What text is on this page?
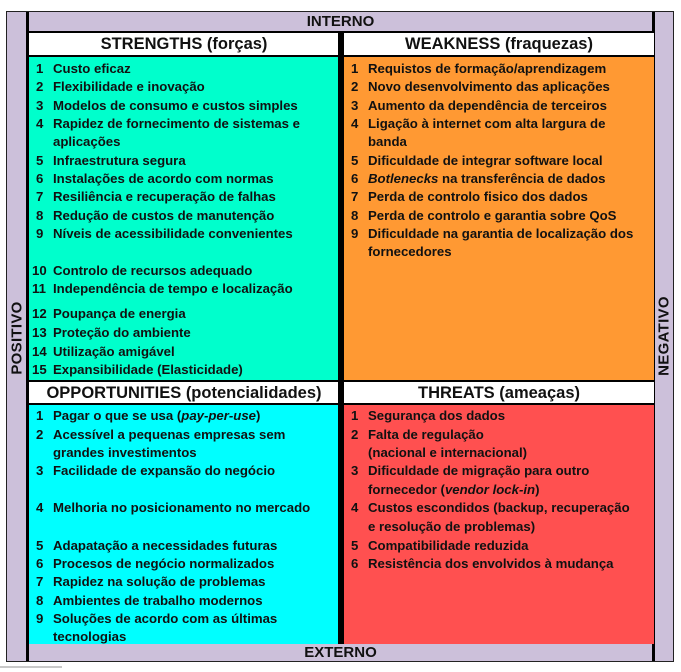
POSITIVO	NEGATIVO
INTERNO
EXTERNO
STRENGTHS (forças)
1 Custo eficaz
2 Flexibilidade e inovação
3 Modelos de consumo e custos simples
4 Rapidez de fornecimento de sistemas e
aplicações
5 Infraestrutura segura
6 Instalações de acordo com normas
7 Resiliência e recuperação de falhas
8 Redução de custos de manutenção
9 Níveis de acessibilidade convenientes
10 Controlo de recursos adequado
11 Independência de tempo e localização
12 Poupança de energia
13 Proteção do ambiente
14 Utilização amigável
15 Expansibilidade (Elasticidade)
WEAKNESS (fraquezas)
1 Requistos de formação/aprendizagem
2 Novo desenvolvimento das aplicações
3 Aumento da dependência de terceiros
4 Ligação à internet com alta largura de
banda
5 Dificuldade de integrar software local
6 Botlenecks na transferência de dados
7 Perda de controlo fisico dos dados
8 Perda de controlo e garantia sobre QoS
9 Dificuldade na garantia de localização dos
fornecedores
OPPORTUNITIES (potencialidades)
1 Pagar o que se usa (pay-per-use)
2 Acessível a pequenas empresas sem
grandes investimentos
3 Facilidade de expansão do negócio
4 Melhoria no posicionamento no mercado
5 Adapatação a necessidades futuras
6 Procesos de negócio normalizados
7 Rapidez na solução de problemas
8 Ambientes de trabalho modernos
9 Soluções de acordo com as últimas
tecnologias
THREATS (ameaças)
1 Segurança dos dados
2 Falta de regulação
(nacional e internacional)
3 Dificuldade de migração para outro
fornecedor (vendor lock-in)
4 Custos escondidos (backup, recuperação
e resolução de problemas)
5 Compatibilidade reduzida
6 Resistência dos envolvidos à mudança
